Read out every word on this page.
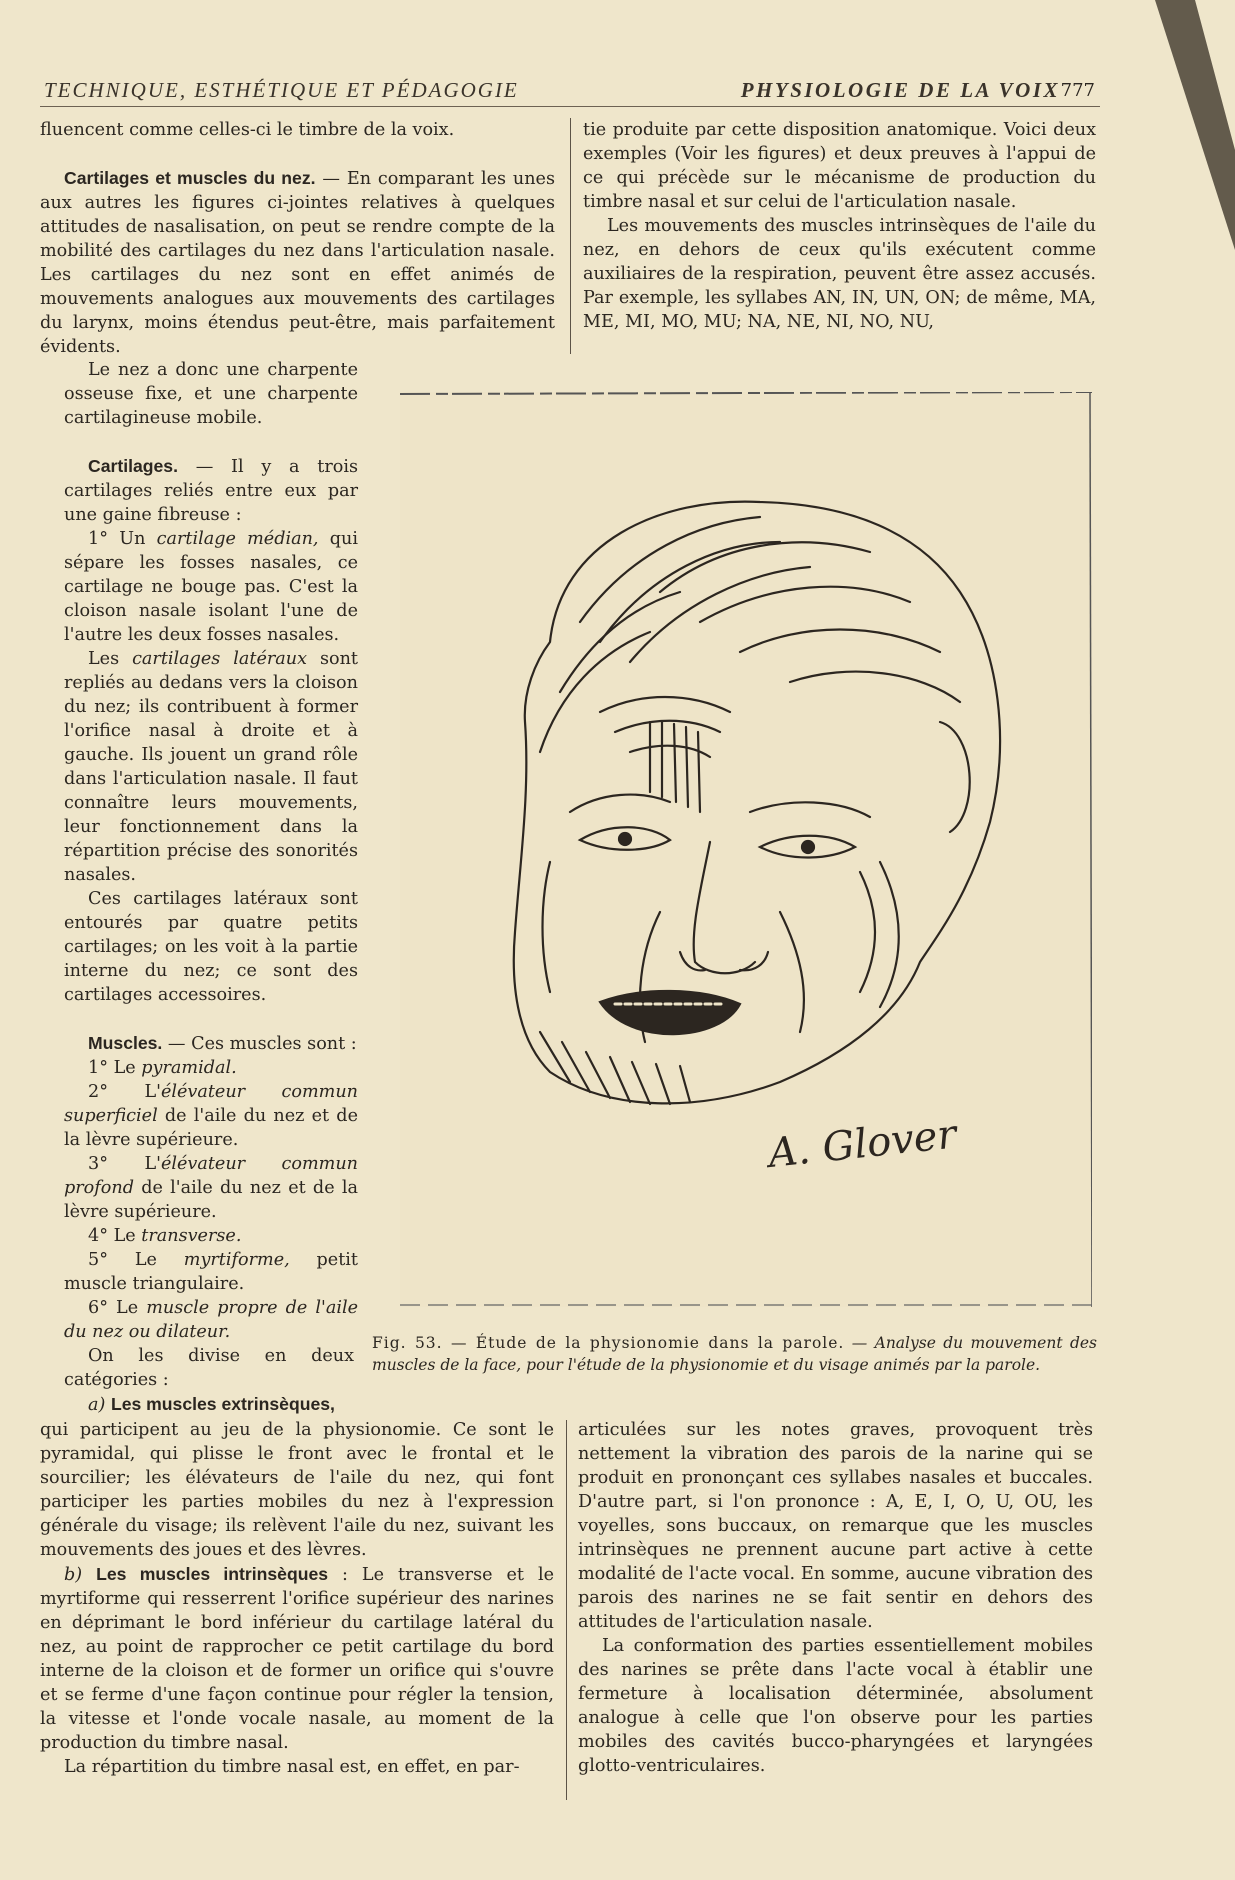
TECHNIQUE, ESTHÉTIQUE ET PÉDAGOGIE	PHYSIOLOGIE DE LA VOIX 777

fluencent comme celles-ci le timbre de la voix.

Cartilages et muscles du nez. — En comparant les unes aux autres les figures ci-jointes relatives à quelques attitudes de nasalisation, on peut se rendre compte de la mobilité des cartilages du nez dans l'articulation nasale. Les cartilages du nez sont en effet animés de mouvements analogues aux mouvements des cartilages du larynx, moins étendus peut-être, mais parfaitement évidents.

tie produite par cette disposition anatomique. Voici deux exemples (Voir les figures) et deux preuves à l'appui de ce qui précède sur le mécanisme de production du timbre nasal et sur celui de l'articulation nasale.

Les mouvements des muscles intrinsèques de l'aile du nez, en dehors de ceux qu'ils exécutent comme auxiliaires de la respiration, peuvent être assez accusés. Par exemple, les syllabes AN, IN, UN, ON; de même, MA, ME, MI, MO, MU; NA, NE, NI, NO, NU,

Le nez a donc une charpente osseuse fixe, et une charpente cartilagineuse mobile.

Cartilages. — Il y a trois cartilages reliés entre eux par une gaine fibreuse :

1° Un cartilage médian, qui sépare les fosses nasales, ce cartilage ne bouge pas. C'est la cloison nasale isolant l'une de l'autre les deux fosses nasales.

Les cartilages latéraux sont repliés au dedans vers la cloison du nez; ils contribuent à former l'orifice nasal à droite et à gauche. Ils jouent un grand rôle dans l'articulation nasale. Il faut connaître leurs mouvements, leur fonctionnement dans la répartition précise des sonorités nasales.

Ces cartilages latéraux sont entourés par quatre petits cartilages; on les voit à la partie interne du nez; ce sont des cartilages accessoires.

Muscles. — Ces muscles sont :

1° Le pyramidal.

2° L'élévateur commun superficiel de l'aile du nez et de la lèvre supérieure.

3° L'élévateur commun profond de l'aile du nez et de la lèvre supérieure.

4° Le transverse.

5° Le myrtiforme, petit muscle triangulaire.

6° Le muscle propre de l'aile du nez ou dilateur.

On les divise en deux catégories :

a) Les muscles extrinsèques,

A. Glover
Fig. 53. — Étude de la physionomie dans la parole. — Analyse du mouvement des muscles de la face, pour l'étude de la physionomie et du visage animés par la parole.

qui participent au jeu de la physionomie. Ce sont le pyramidal, qui plisse le front avec le frontal et le sourcilier; les élévateurs de l'aile du nez, qui font participer les parties mobiles du nez à l'expression générale du visage; ils relèvent l'aile du nez, suivant les mouvements des joues et des lèvres.

b) Les muscles intrinsèques : Le transverse et le myrtiforme qui resserrent l'orifice supérieur des narines en déprimant le bord inférieur du cartilage latéral du nez, au point de rapprocher ce petit cartilage du bord interne de la cloison et de former un orifice qui s'ouvre et se ferme d'une façon continue pour régler la tension, la vitesse et l'onde vocale nasale, au moment de la production du timbre nasal.

La répartition du timbre nasal est, en effet, en par-

articulées sur les notes graves, provoquent très nettement la vibration des parois de la narine qui se produit en prononçant ces syllabes nasales et buccales. D'autre part, si l'on prononce : A, E, I, O, U, OU, les voyelles, sons buccaux, on remarque que les muscles intrinsèques ne prennent aucune part active à cette modalité de l'acte vocal. En somme, aucune vibration des parois des narines ne se fait sentir en dehors des attitudes de l'articulation nasale.

La conformation des parties essentiellement mobiles des narines se prête dans l'acte vocal à établir une fermeture à localisation déterminée, absolument analogue à celle que l'on observe pour les parties mobiles des cavités bucco-pharyngées et laryngées glotto-ventriculaires.
